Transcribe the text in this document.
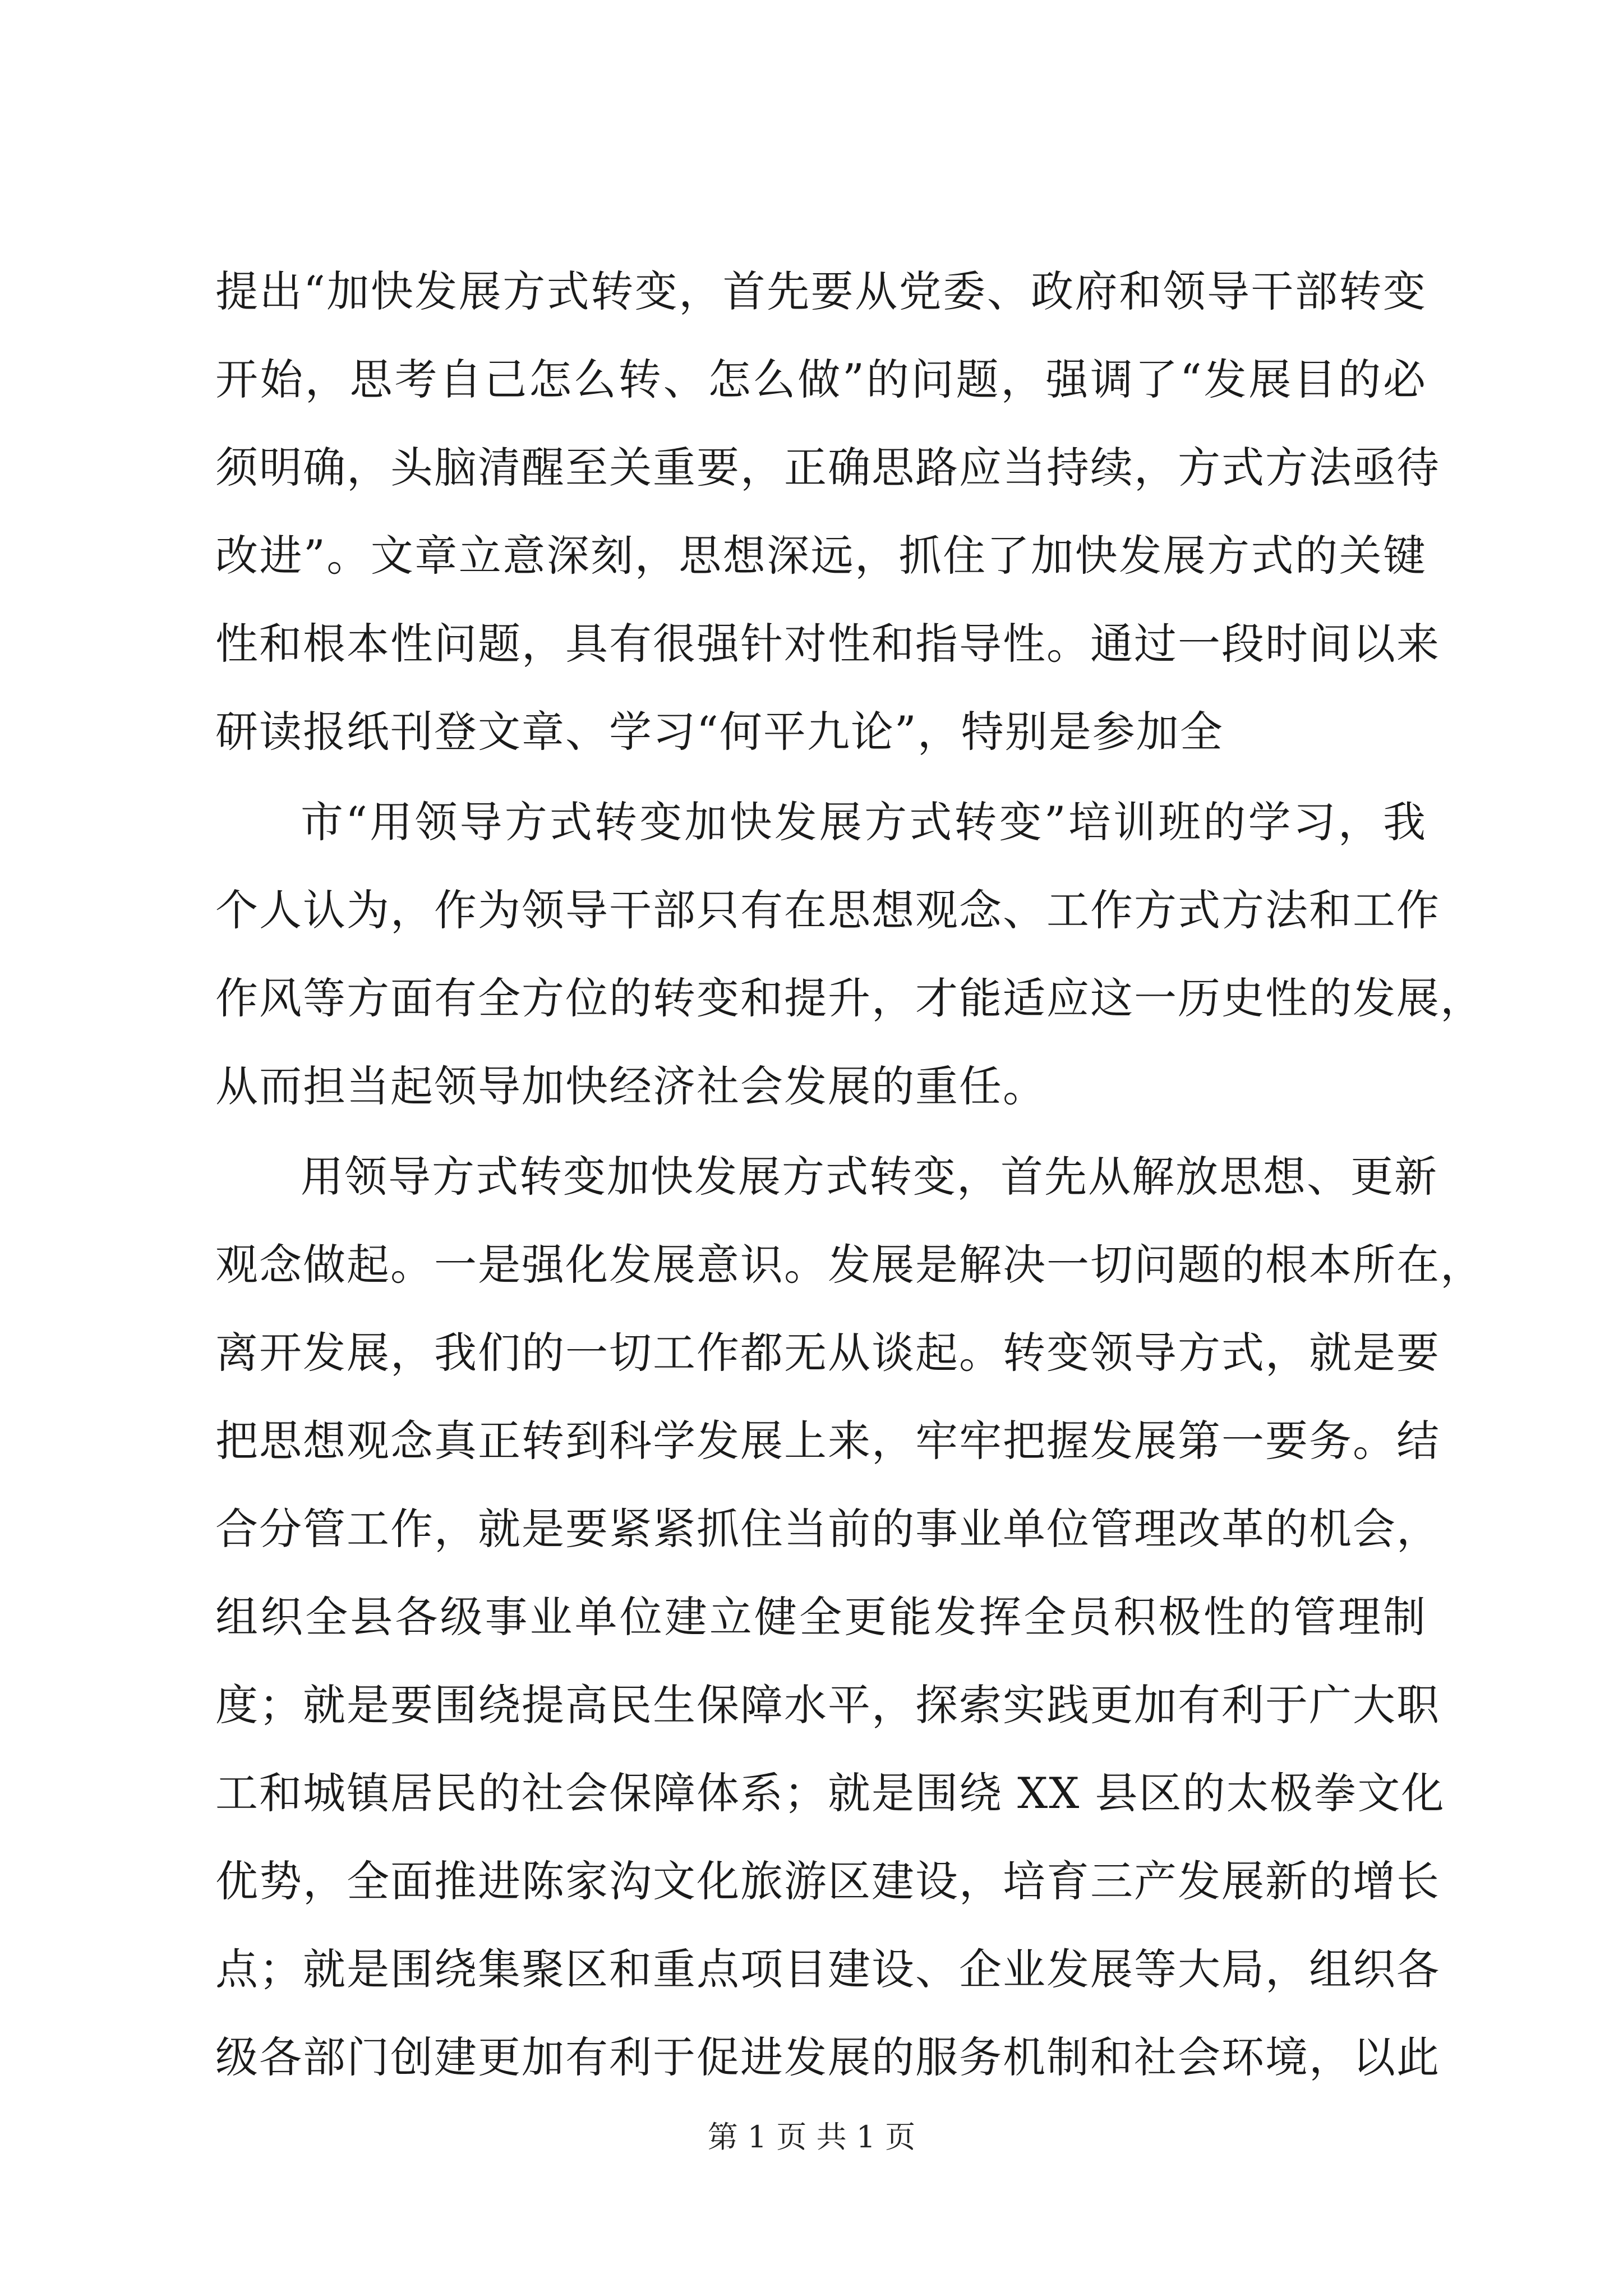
提出“加快发展方式转变，首先要从党委、政府和领导干部转变
开始，思考自己怎么转、怎么做”的问题，强调了“发展目的必
须明确，头脑清醒至关重要，正确思路应当持续，方式方法亟待
改进”。文章立意深刻，思想深远，抓住了加快发展方式的关键
性和根本性问题，具有很强针对性和指导性。通过一段时间以来
研读报纸刊登文章、学习“何平九论”，特别是参加全
市“用领导方式转变加快发展方式转变”培训班的学习，我
个人认为，作为领导干部只有在思想观念、工作方式方法和工作
作风等方面有全方位的转变和提升，才能适应这一历史性的发展，
从而担当起领导加快经济社会发展的重任。
用领导方式转变加快发展方式转变，首先从解放思想、更新
观念做起。一是强化发展意识。发展是解决一切问题的根本所在，
离开发展，我们的一切工作都无从谈起。转变领导方式，就是要
把思想观念真正转到科学发展上来，牢牢把握发展第一要务。结
合分管工作，就是要紧紧抓住当前的事业单位管理改革的机会，
组织全县各级事业单位建立健全更能发挥全员积极性的管理制
度；就是要围绕提高民生保障水平，探索实践更加有利于广大职
工和城镇居民的社会保障体系；就是围绕 XX 县区的太极拳文化
优势，全面推进陈家沟文化旅游区建设，培育三产发展新的增长
点；就是围绕集聚区和重点项目建设、企业发展等大局，组织各
级各部门创建更加有利于促进发展的服务机制和社会环境，以此
第 1 页 共 1 页
